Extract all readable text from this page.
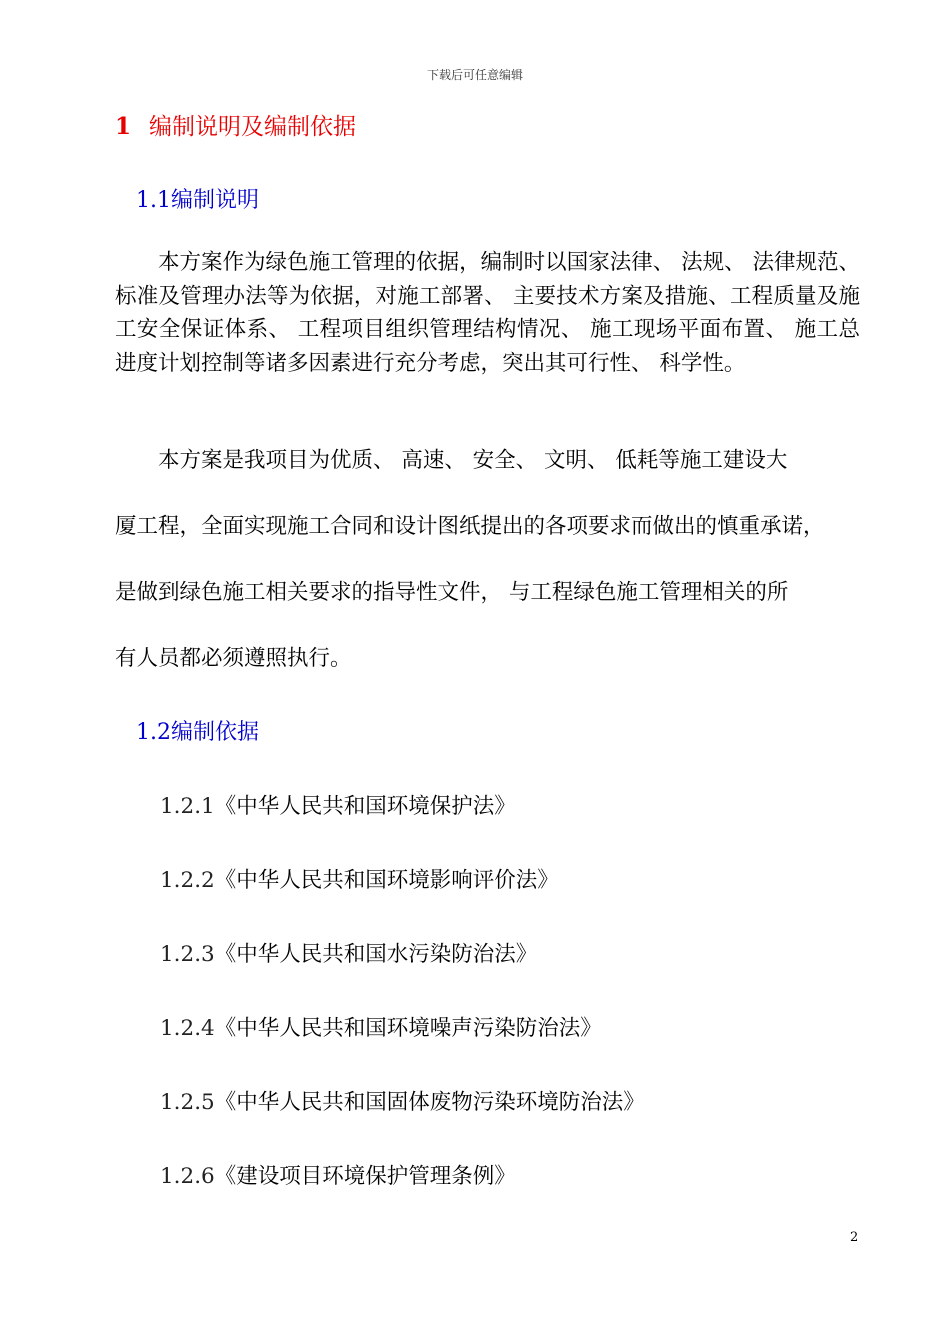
下载后可任意编辑
1 编制说明及编制依据
1.1编制说明

本方案作为绿色施工管理的依据，编制时以国家法律、 法规、 法律规范、 标准及管理办法等为依据，对施工部署、 主要技术方案及措施、工程质量及施工安全保证体系、 工程项目组织管理结构情况、 施工现场平面布置、 施工总进度计划控制等诸多因素进行充分考虑，突出其可行性、 科学性。

　　本方案是我项目为优质、 高速、 安全、 文明、 低耗等施工建设大
厦工程，全面实现施工合同和设计图纸提出的各项要求而做出的慎重承诺，
是做到绿色施工相关要求的指导性文件， 与工程绿色施工管理相关的所
有人员都必须遵照执行。
1.2编制依据
1.2.1《中华人民共和国环境保护法》
1.2.2《中华人民共和国环境影响评价法》
1.2.3《中华人民共和国水污染防治法》
1.2.4《中华人民共和国环境噪声污染防治法》
1.2.5《中华人民共和国固体废物污染环境防治法》
1.2.6《建设项目环境保护管理条例》
2
